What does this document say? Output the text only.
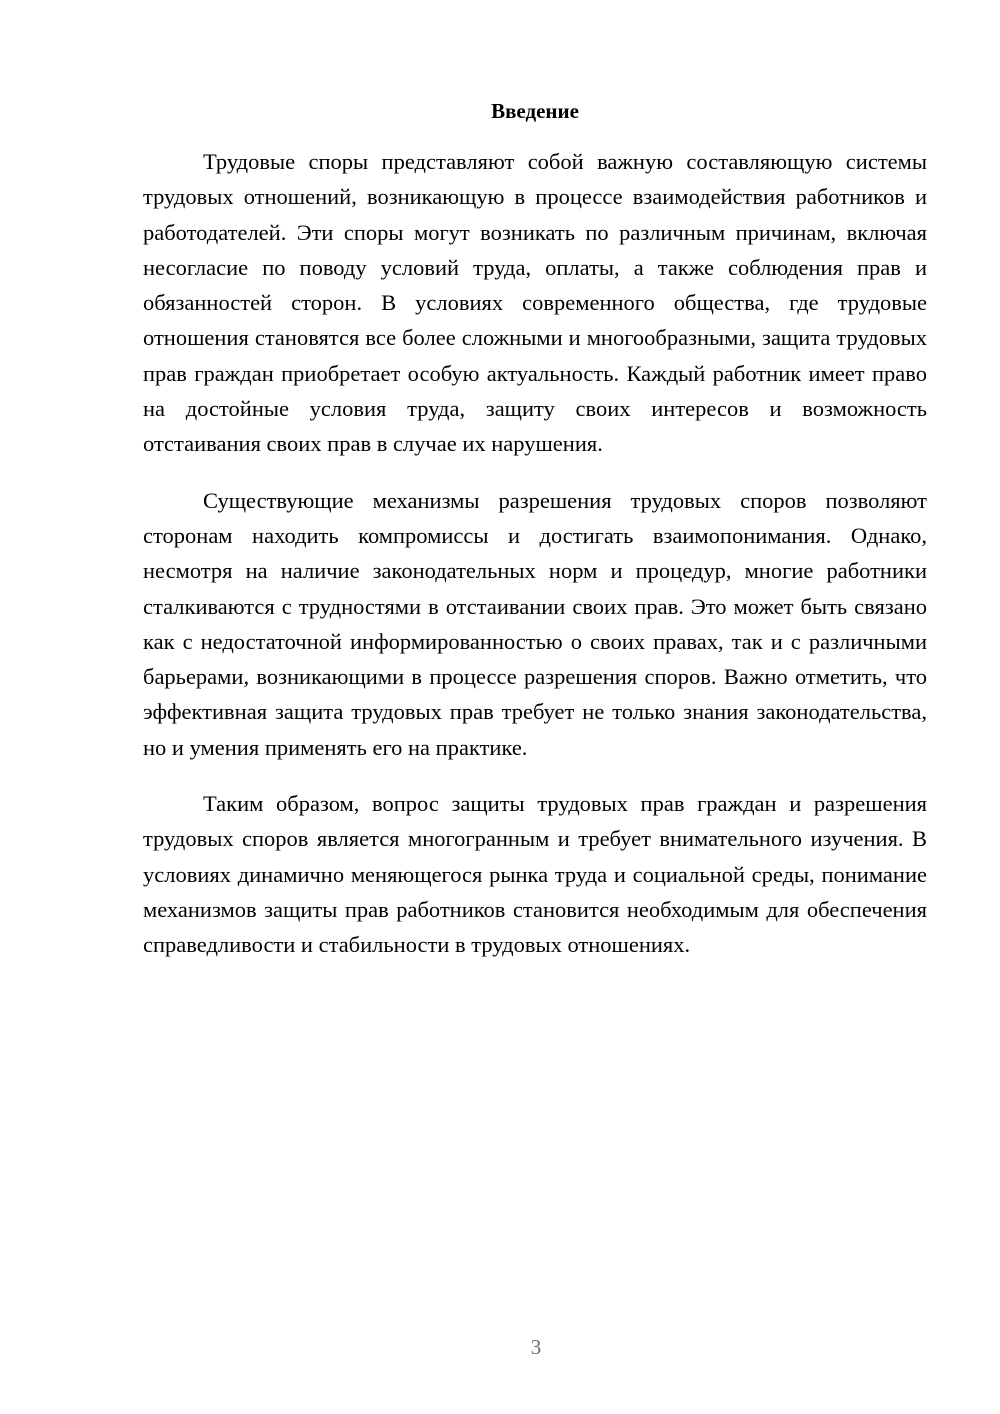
Введение

Трудовые споры представляют собой важную составляющую системы трудовых отношений, возникающую в процессе взаимодействия работников и работодателей. Эти споры могут возникать по различным причинам, включая несогласие по поводу условий труда, оплаты, а также соблюдения прав и обязанностей сторон. В условиях современного общества, где трудовые отношения становятся все более сложными и многообразными, защита трудовых прав граждан приобретает особую актуальность. Каждый работник имеет право на достойные условия труда, защиту своих интересов и возможность отстаивания своих прав в случае их нарушения.

Существующие механизмы разрешения трудовых споров позволяют сторонам находить компромиссы и достигать взаимопонимания. Однако, несмотря на наличие законодательных норм и процедур, многие работники сталкиваются с трудностями в отстаивании своих прав. Это может быть связано как с недостаточной информированностью о своих правах, так и с различными барьерами, возникающими в процессе разрешения споров. Важно отметить, что эффективная защита трудовых прав требует не только знания законодательства, но и умения применять его на практике.

Таким образом, вопрос защиты трудовых прав граждан и разрешения трудовых споров является многогранным и требует внимательного изучения. В условиях динамично меняющегося рынка труда и социальной среды, понимание механизмов защиты прав работников становится необходимым для обеспечения справедливости и стабильности в трудовых отношениях.

3
